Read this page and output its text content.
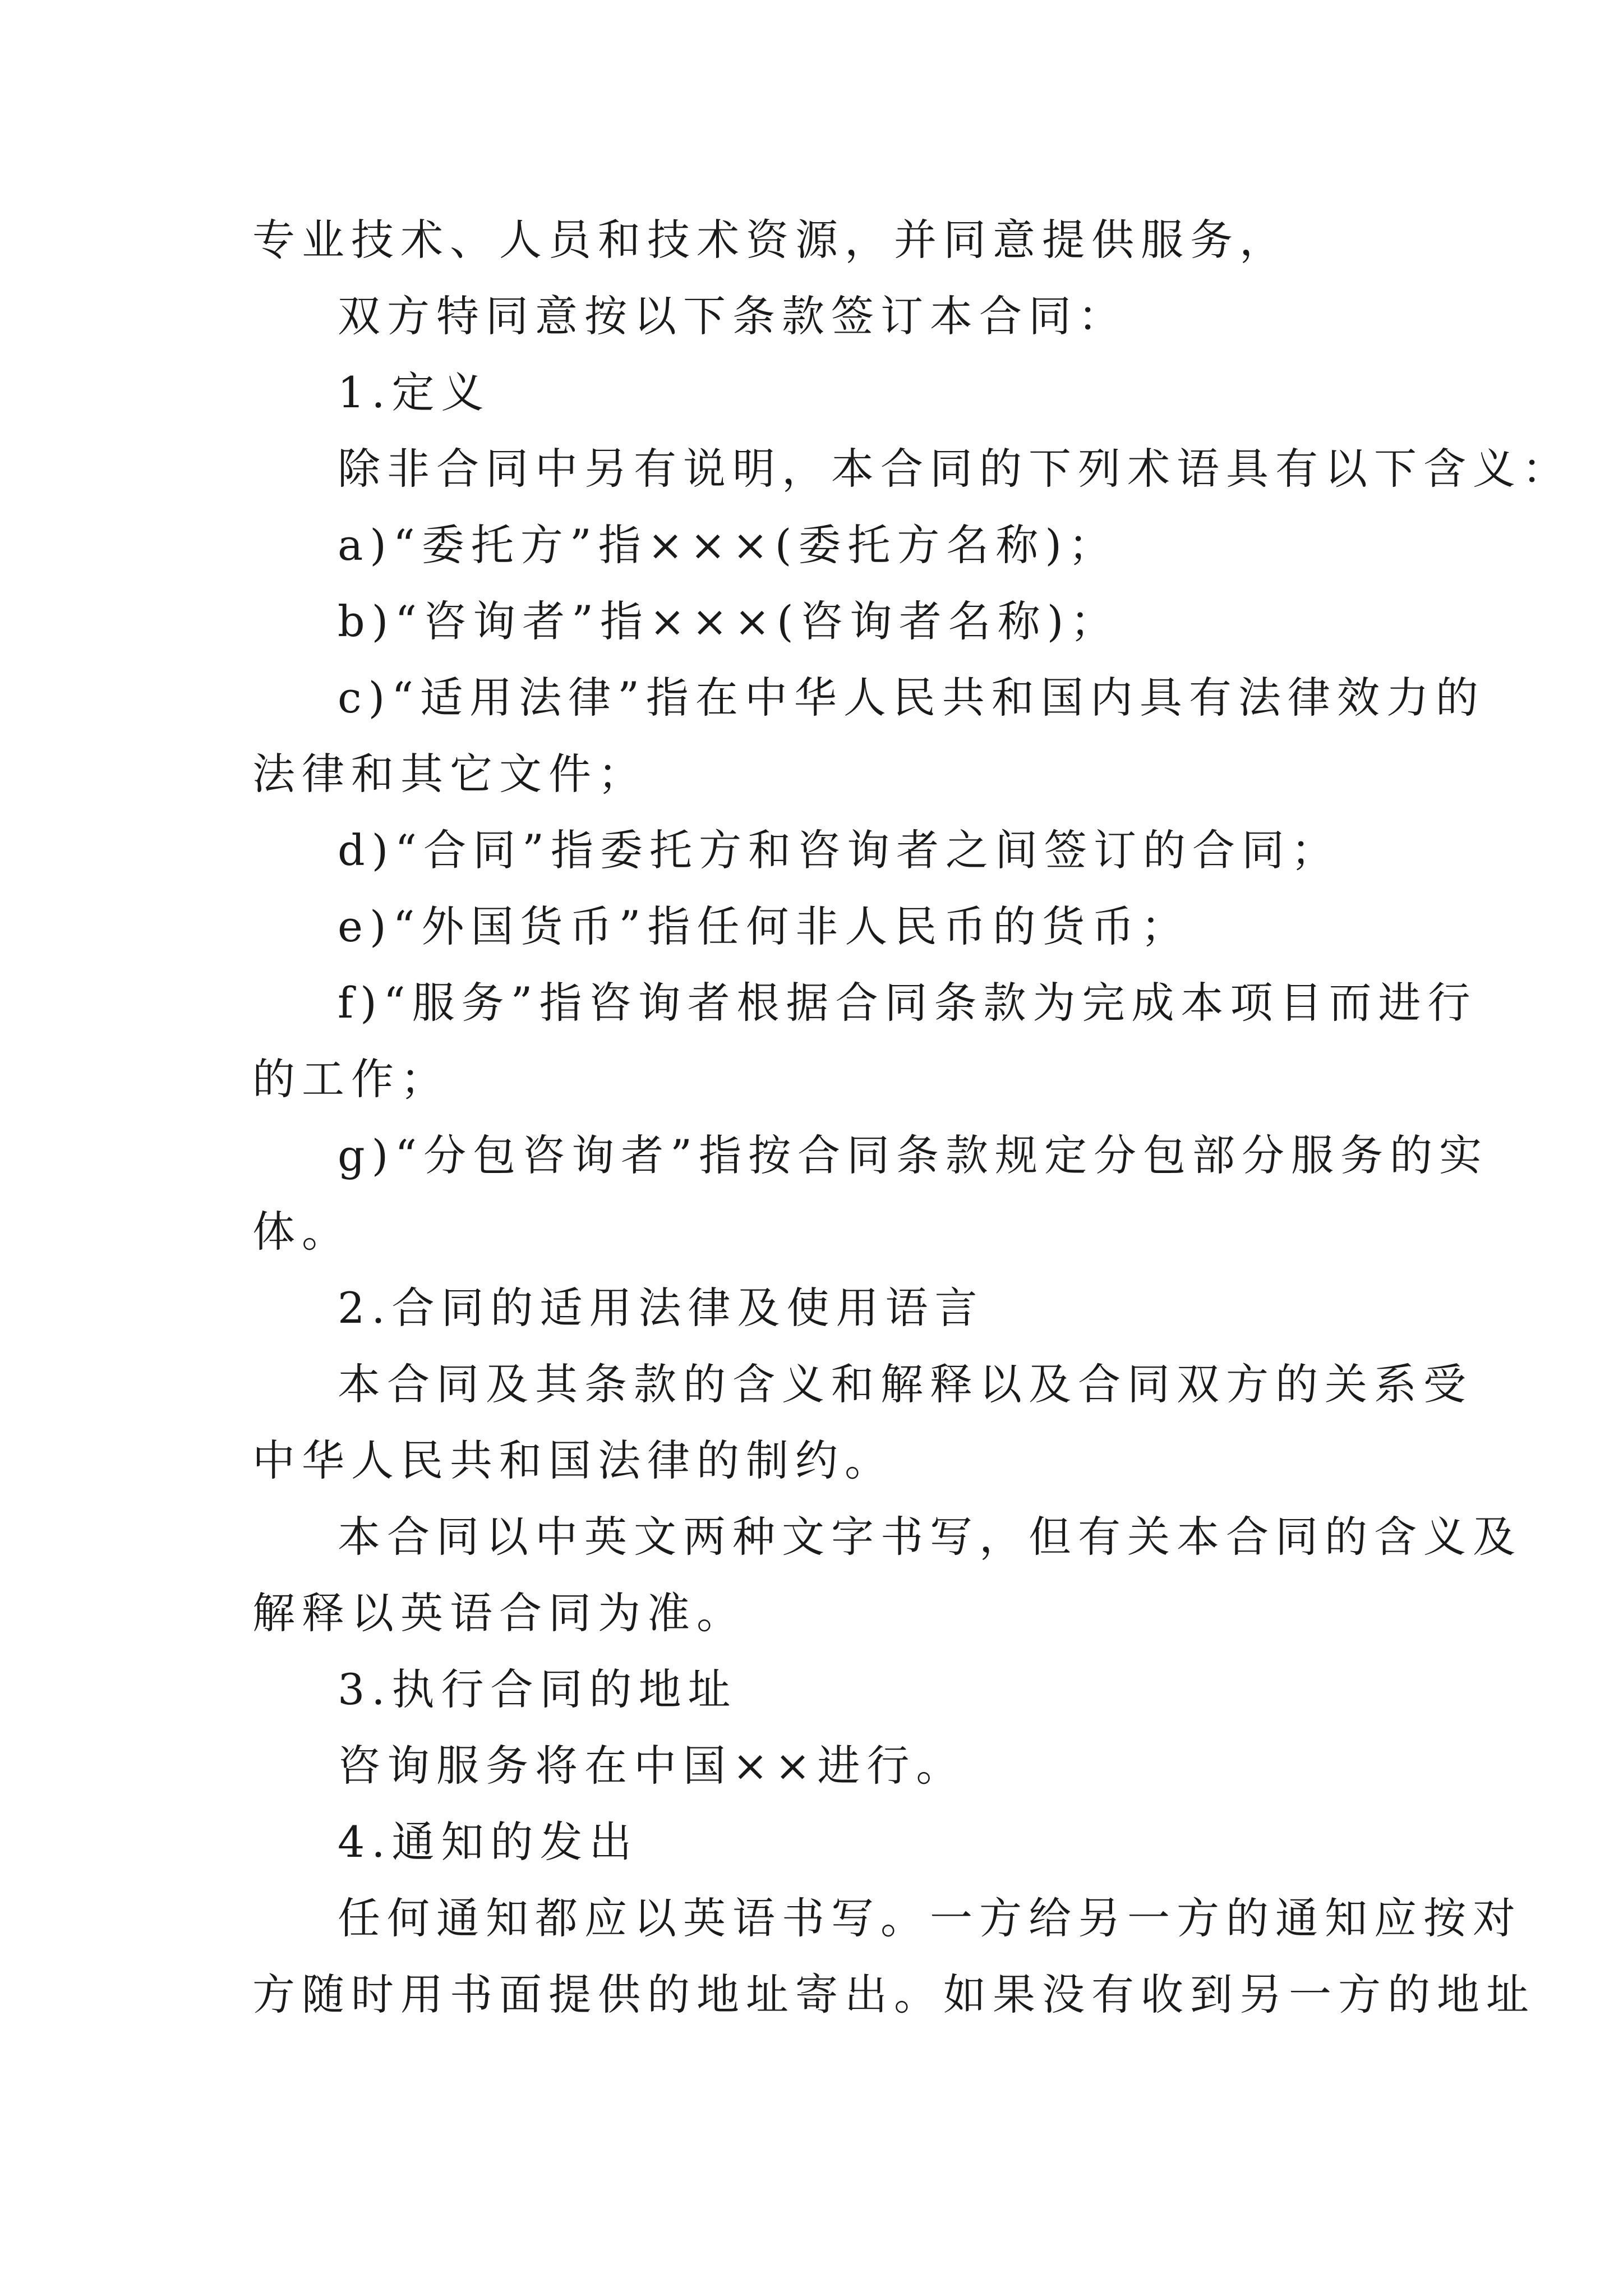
专业技术、人员和技术资源，并同意提供服务，
双方特同意按以下条款签订本合同：
1.定义
除非合同中另有说明，本合同的下列术语具有以下含义：
a)“委托方”指×××(委托方名称)；
b)“咨询者”指×××(咨询者名称)；
c)“适用法律”指在中华人民共和国内具有法律效力的
法律和其它文件；
d)“合同”指委托方和咨询者之间签订的合同；
e)“外国货币”指任何非人民币的货币；
f)“服务”指咨询者根据合同条款为完成本项目而进行
的工作；
g)“分包咨询者”指按合同条款规定分包部分服务的实
体。
2.合同的适用法律及使用语言
本合同及其条款的含义和解释以及合同双方的关系受
中华人民共和国法律的制约。
本合同以中英文两种文字书写，但有关本合同的含义及
解释以英语合同为准。
3.执行合同的地址
咨询服务将在中国××进行。
4.通知的发出
任何通知都应以英语书写。一方给另一方的通知应按对
方随时用书面提供的地址寄出。如果没有收到另一方的地址
